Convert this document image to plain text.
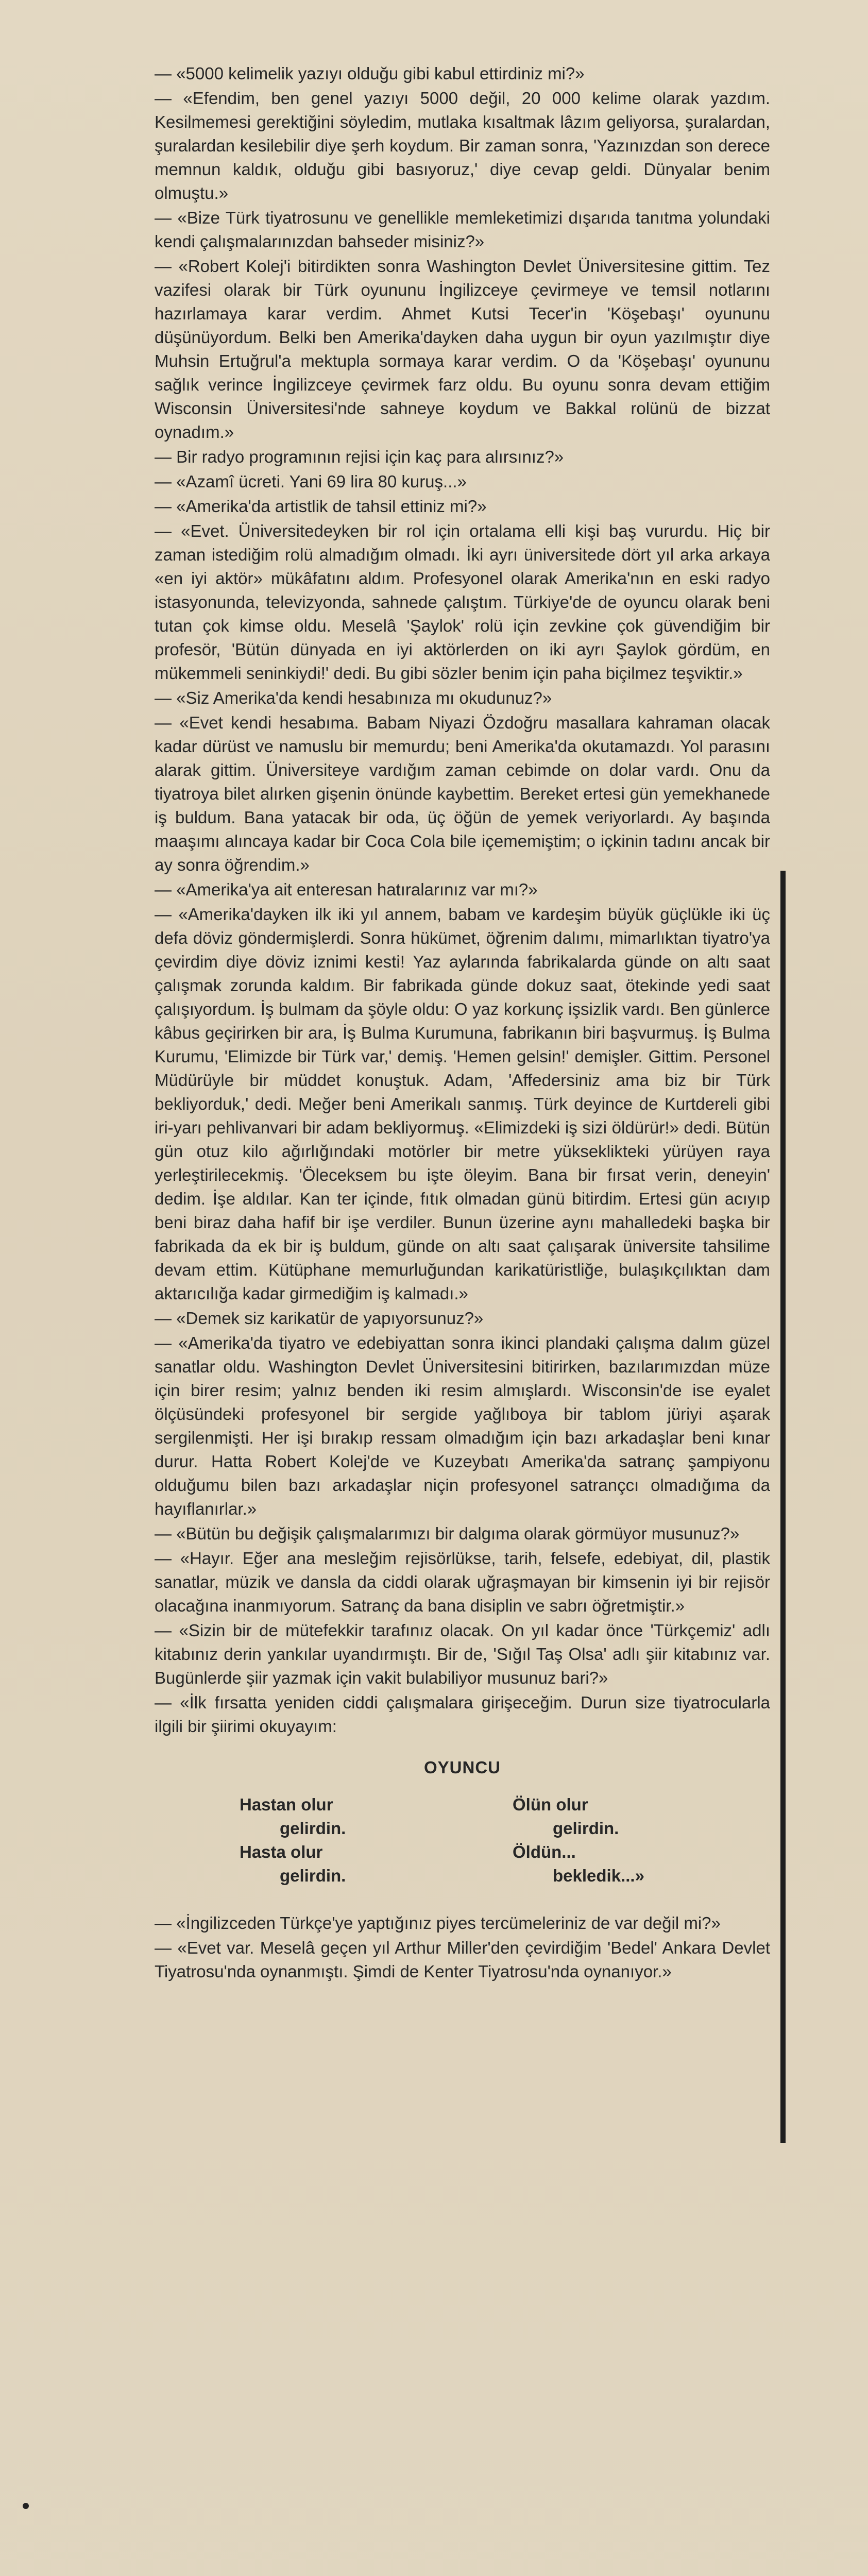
— «5000 kelimelik yazıyı olduğu gibi kabul ettirdiniz mi?»

— «Efendim, ben genel yazıyı 5000 değil, 20 000 kelime olarak yazdım. Kesilmemesi gerektiğini söyledim, mutlaka kısaltmak lâzım geliyorsa, şuralardan, şuralardan kesilebilir diye şerh koydum. Bir zaman sonra, 'Yazınızdan son derece memnun kaldık, olduğu gibi basıyoruz,' diye cevap geldi. Dünyalar benim olmuştu.»

— «Bize Türk tiyatrosunu ve genellikle memleketimizi dışarıda tanıtma yolundaki kendi çalışmalarınızdan bahseder misiniz?»

— «Robert Kolej'i bitirdikten sonra Washington Devlet Üniversitesine gittim. Tez vazifesi olarak bir Türk oyununu İngilizceye çevirmeye ve temsil notlarını hazırlamaya karar verdim. Ahmet Kutsi Tecer'in 'Köşebaşı' oyununu düşünüyordum. Belki ben Amerika'dayken daha uygun bir oyun yazılmıştır diye Muhsin Ertuğrul'a mektupla sormaya karar verdim. O da 'Köşebaşı' oyununu sağlık verince İngilizceye çevirmek farz oldu. Bu oyunu sonra devam ettiğim Wisconsin Üniversitesi'nde sahneye koydum ve Bakkal rolünü de bizzat oynadım.»

— Bir radyo programının rejisi için kaç para alırsınız?»

— «Azamî ücreti. Yani 69 lira 80 kuruş...»

— «Amerika'da artistlik de tahsil ettiniz mi?»

— «Evet. Üniversitedeyken bir rol için ortalama elli kişi baş vururdu. Hiç bir zaman istediğim rolü almadığım olmadı. İki ayrı üniversitede dört yıl arka arkaya «en iyi aktör» mükâfatını aldım. Profesyonel olarak Amerika'nın en eski radyo istasyonunda, televizyonda, sahnede çalıştım. Türkiye'de de oyuncu olarak beni tutan çok kimse oldu. Meselâ 'Şaylok' rolü için zevkine çok güvendiğim bir profesör, 'Bütün dünyada en iyi aktörlerden on iki ayrı Şaylok gördüm, en mükemmeli seninkiydi!' dedi. Bu gibi sözler benim için paha biçilmez teşviktir.»

— «Siz Amerika'da kendi hesabınıza mı okudunuz?»

— «Evet kendi hesabıma. Babam Niyazi Özdoğru masallara kahraman olacak kadar dürüst ve namuslu bir memurdu; beni Amerika'da okutamazdı. Yol parasını alarak gittim. Üniversiteye vardığım zaman cebimde on dolar vardı. Onu da tiyatroya bilet alırken gişenin önünde kaybettim. Bereket ertesi gün yemekhanede iş buldum. Bana yatacak bir oda, üç öğün de yemek veriyorlardı. Ay başında maaşımı alıncaya kadar bir Coca Cola bile içememiştim; o içkinin tadını ancak bir ay sonra öğrendim.»

— «Amerika'ya ait enteresan hatıralarınız var mı?»

— «Amerika'dayken ilk iki yıl annem, babam ve kardeşim büyük güçlükle iki üç defa döviz göndermişlerdi. Sonra hükümet, öğrenim dalımı, mimarlıktan tiyatro'ya çevirdim diye döviz iznimi kesti! Yaz aylarında fabrikalarda günde on altı saat çalışmak zorunda kaldım. Bir fabrikada günde dokuz saat, ötekinde yedi saat çalışıyordum. İş bulmam da şöyle oldu: O yaz korkunç işsizlik vardı. Ben günlerce kâbus geçirirken bir ara, İş Bulma Kurumuna, fabrikanın biri başvurmuş. İş Bulma Kurumu, 'Elimizde bir Türk var,' demiş. 'Hemen gelsin!' demişler. Gittim. Personel Müdürüyle bir müddet konuştuk. Adam, 'Affedersiniz ama biz bir Türk bekliyorduk,' dedi. Meğer beni Amerikalı sanmış. Türk deyince de Kurtdereli gibi iri-yarı pehlivanvari bir adam bekliyormuş. «Elimizdeki iş sizi öldürür!» dedi. Bütün gün otuz kilo ağırlığındaki motörler bir metre yükseklikteki yürüyen raya yerleştirilecekmiş. 'Öleceksem bu işte öleyim. Bana bir fırsat verin, deneyin' dedim. İşe aldılar. Kan ter içinde, fıtık olmadan günü bitirdim. Ertesi gün acıyıp beni biraz daha hafif bir işe verdiler. Bunun üzerine aynı mahalledeki başka bir fabrikada da ek bir iş buldum, günde on altı saat çalışarak üniversite tahsilime devam ettim. Kütüphane memurluğundan karikatüristliğe, bulaşıkçılıktan dam aktarıcılığa kadar girmediğim iş kalmadı.»

— «Demek siz karikatür de yapıyorsunuz?»

— «Amerika'da tiyatro ve edebiyattan sonra ikinci plandaki çalışma dalım güzel sanatlar oldu. Washington Devlet Üniversitesini bitirirken, bazılarımızdan müze için birer resim; yalnız benden iki resim almışlardı. Wisconsin'de ise eyalet ölçüsündeki profesyonel bir sergide yağlıboya bir tablom jüriyi aşarak sergilenmişti. Her işi bırakıp ressam olmadığım için bazı arkadaşlar beni kınar durur. Hatta Robert Kolej'de ve Kuzeybatı Amerika'da satranç şampiyonu olduğumu bilen bazı arkadaşlar niçin profesyonel satrançcı olmadığıma da hayıflanırlar.»

— «Bütün bu değişik çalışmalarımızı bir dalgıma olarak görmüyor musunuz?»

— «Hayır. Eğer ana mesleğim rejisörlükse, tarih, felsefe, edebiyat, dil, plastik sanatlar, müzik ve dansla da ciddi olarak uğraşmayan bir kimsenin iyi bir rejisör olacağına inanmıyorum. Satranç da bana disiplin ve sabrı öğretmiştir.»

— «Sizin bir de mütefekkir tarafınız olacak. On yıl kadar önce 'Türkçemiz' adlı kitabınız derin yankılar uyandırmıştı. Bir de, 'Sığıl Taş Olsa' adlı şiir kitabınız var. Bugünlerde şiir yazmak için vakit bulabiliyor musunuz bari?»

— «İlk fırsatta yeniden ciddi çalışmalara girişeceğim. Durun size tiyatrocularla ilgili bir şiirimi okuyayım:

OYUNCU
Hastan olur
gelirdin.
Hasta olur
gelirdin.
Ölün olur
gelirdin.
Öldün...
bekledik...»

— «İngilizceden Türkçe'ye yaptığınız piyes tercümeleriniz de var değil mi?»

— «Evet var. Meselâ geçen yıl Arthur Miller'den çevirdiğim 'Bedel' Ankara Devlet Tiyatrosu'nda oynanmıştı. Şimdi de Kenter Tiyatrosu'nda oynanıyor.»
